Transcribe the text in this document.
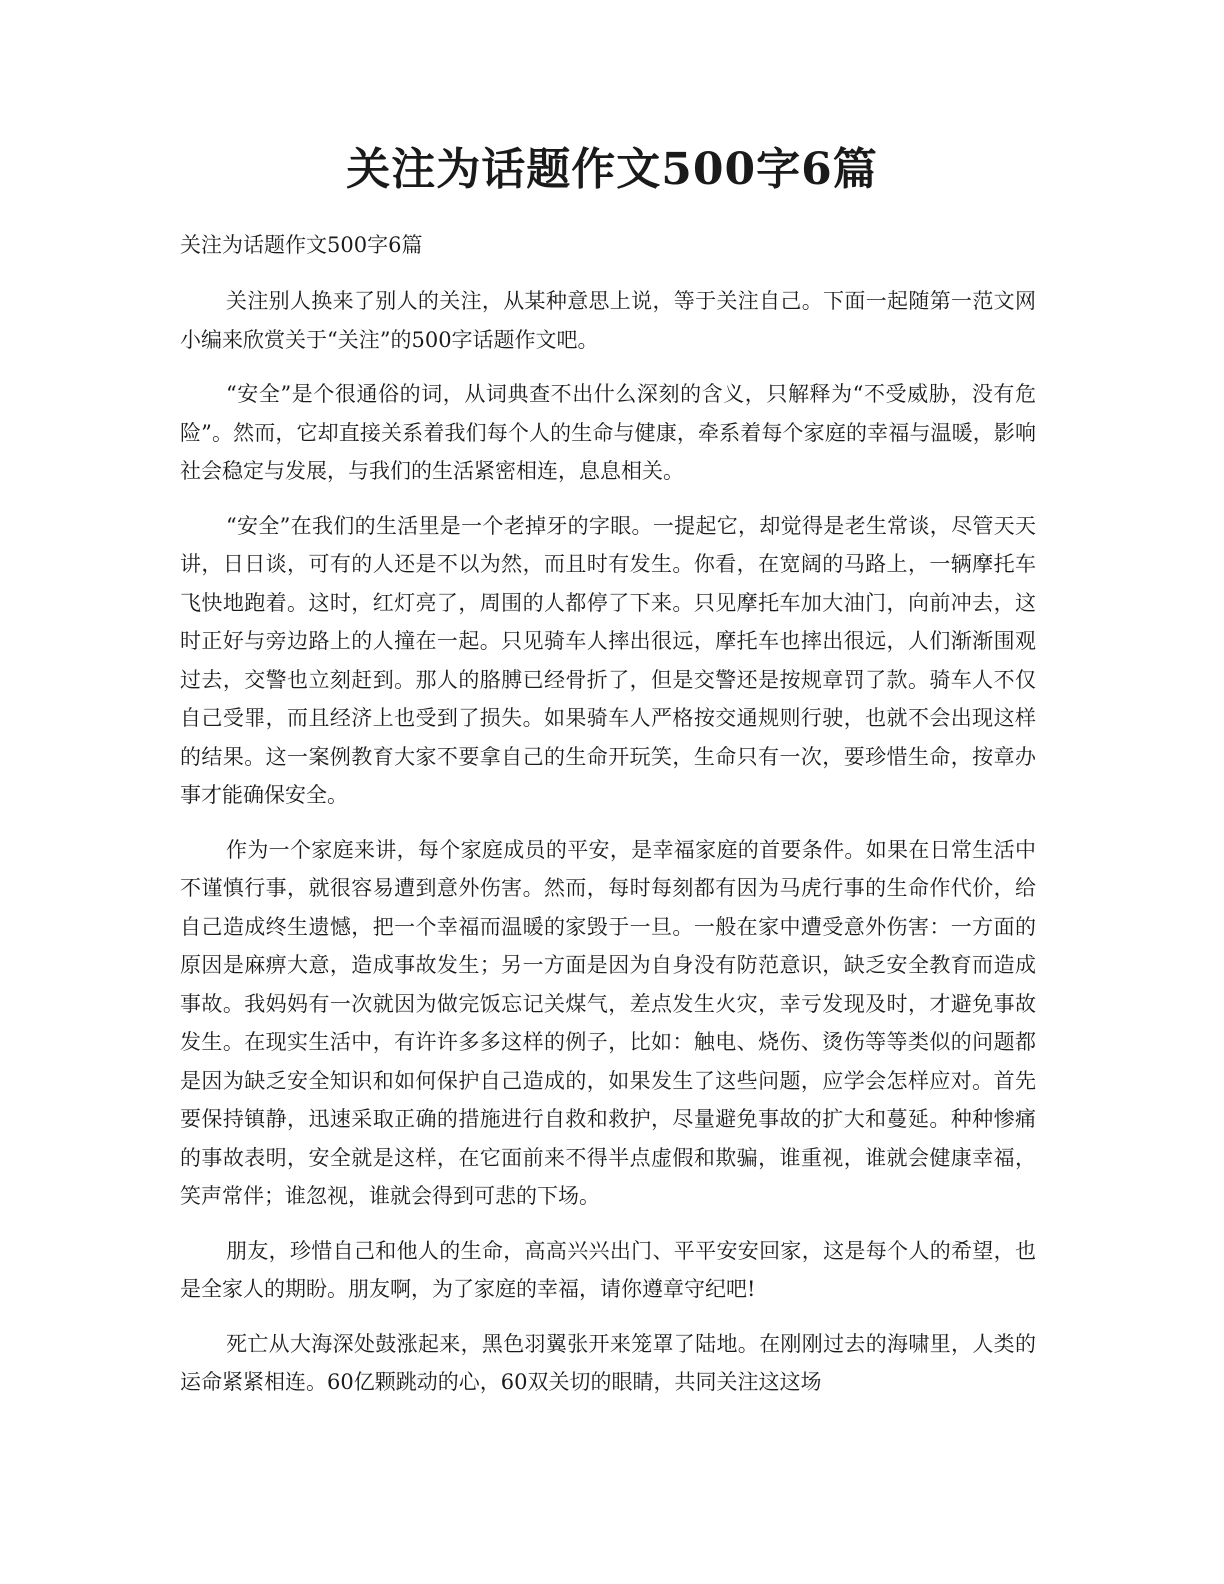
关注为话题作文500字6篇

关注为话题作文500字6篇

关注别人换来了别人的关注，从某种意思上说，等于关注自己。下面一起随第一范文网小编来欣赏关于“关注”的500字话题作文吧。

“安全”是个很通俗的词，从词典查不出什么深刻的含义，只解释为“不受威胁，没有危险”。然而，它却直接关系着我们每个人的生命与健康，牵系着每个家庭的幸福与温暖，影响社会稳定与发展，与我们的生活紧密相连，息息相关。

“安全”在我们的生活里是一个老掉牙的字眼。一提起它，却觉得是老生常谈，尽管天天讲，日日谈，可有的人还是不以为然，而且时有发生。你看，在宽阔的马路上，一辆摩托车飞快地跑着。这时，红灯亮了，周围的人都停了下来。只见摩托车加大油门，向前冲去，这时正好与旁边路上的人撞在一起。只见骑车人摔出很远，摩托车也摔出很远，人们渐渐围观过去，交警也立刻赶到。那人的胳膊已经骨折了，但是交警还是按规章罚了款。骑车人不仅自己受罪，而且经济上也受到了损失。如果骑车人严格按交通规则行驶，也就不会出现这样的结果。这一案例教育大家不要拿自己的生命开玩笑，生命只有一次，要珍惜生命，按章办事才能确保安全。

作为一个家庭来讲，每个家庭成员的平安，是幸福家庭的首要条件。如果在日常生活中不谨慎行事，就很容易遭到意外伤害。然而，每时每刻都有因为马虎行事的生命作代价，给自己造成终生遗憾，把一个幸福而温暖的家毁于一旦。一般在家中遭受意外伤害：一方面的原因是麻痹大意，造成事故发生；另一方面是因为自身没有防范意识，缺乏安全教育而造成事故。我妈妈有一次就因为做完饭忘记关煤气，差点发生火灾，幸亏发现及时，才避免事故发生。在现实生活中，有许许多多这样的例子，比如：触电、烧伤、烫伤等等类似的问题都是因为缺乏安全知识和如何保护自己造成的，如果发生了这些问题，应学会怎样应对。首先要保持镇静，迅速采取正确的措施进行自救和救护，尽量避免事故的扩大和蔓延。种种惨痛的事故表明，安全就是这样，在它面前来不得半点虚假和欺骗，谁重视，谁就会健康幸福，笑声常伴；谁忽视，谁就会得到可悲的下场。

朋友，珍惜自己和他人的生命，高高兴兴出门、平平安安回家，这是每个人的希望，也是全家人的期盼。朋友啊，为了家庭的幸福，请你遵章守纪吧!

死亡从大海深处鼓涨起来，黑色羽翼张开来笼罩了陆地。在刚刚过去的海啸里，人类的运命紧紧相连。60亿颗跳动的心，60双关切的眼睛，共同关注这这场
